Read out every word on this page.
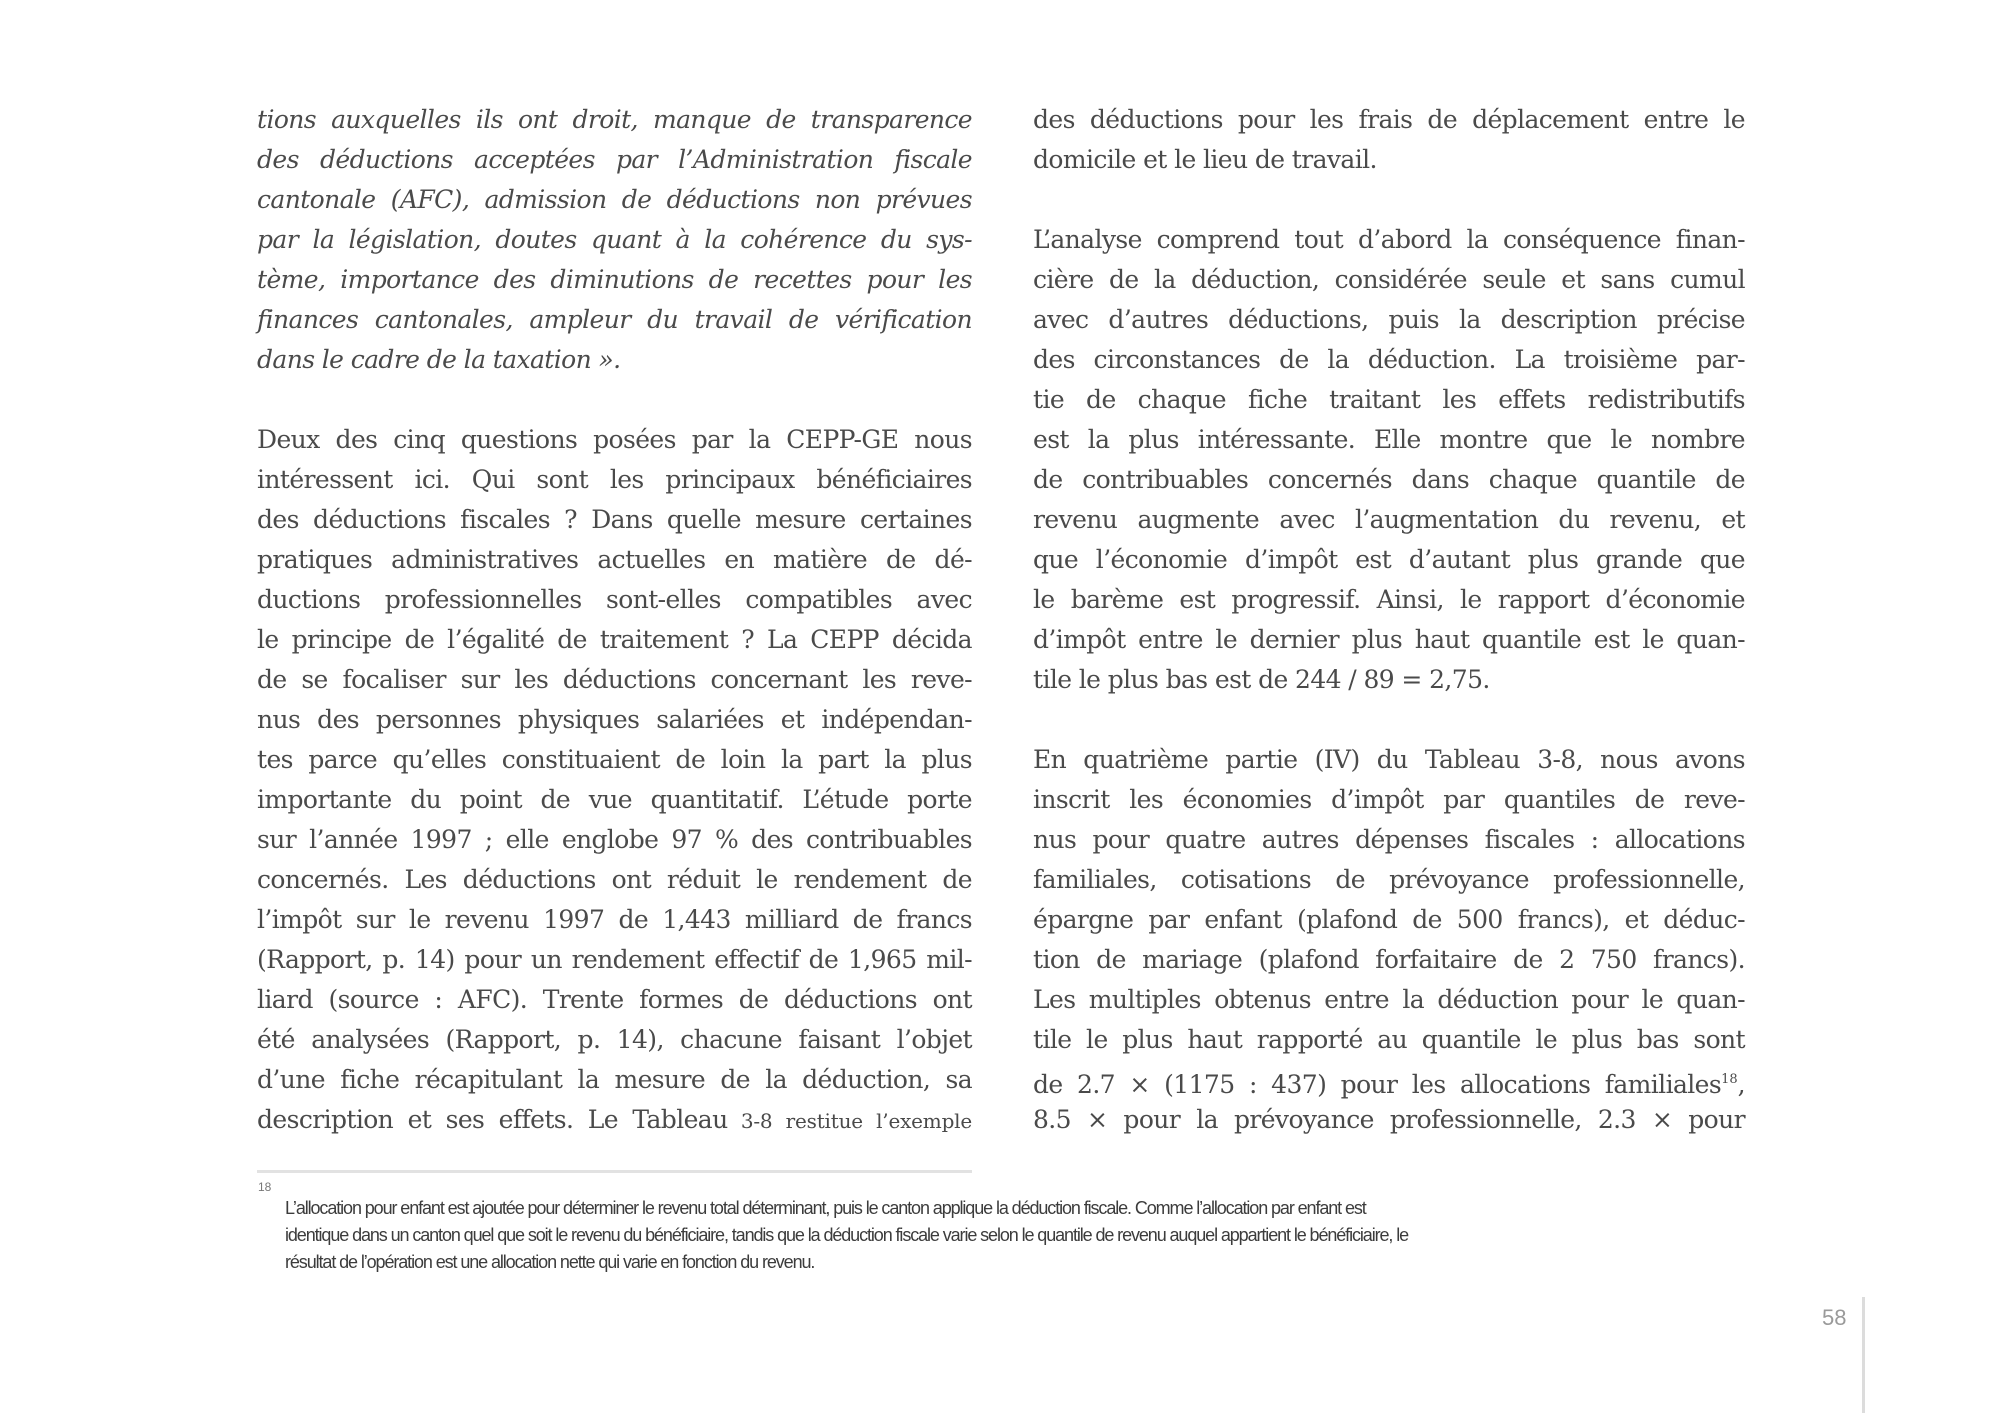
tions auxquelles ils ont droit, manque de transparence
des déductions acceptées par l’Administration fiscale
cantonale (AFC), admission de déductions non prévues
par la législation, doutes quant à la cohérence du sys-
tème, importance des diminutions de recettes pour les
finances cantonales, ampleur du travail de vérification
dans le cadre de la taxation ».
Deux des cinq questions posées par la CEPP-GE nous
intéressent ici. Qui sont les principaux bénéficiaires
des déductions fiscales ? Dans quelle mesure certaines
pratiques administratives actuelles en matière de dé-
ductions professionnelles sont-elles compatibles avec
le principe de l’égalité de traitement ? La CEPP décida
de se focaliser sur les déductions concernant les reve-
nus des personnes physiques salariées et indépendan-
tes parce qu’elles constituaient de loin la part la plus
importante du point de vue quantitatif. L’étude porte
sur l’année 1997 ; elle englobe 97 % des contribuables
concernés. Les déductions ont réduit le rendement de
l’impôt sur le revenu 1997 de 1,443 milliard de francs
(Rapport, p. 14) pour un rendement effectif de 1,965 mil-
liard (source : AFC). Trente formes de déductions ont
été analysées (Rapport, p. 14), chacune faisant l’objet
d’une fiche récapitulant la mesure de la déduction, sa
description et ses effets. Le Tableau 3-8 restitue l’exemple
des déductions pour les frais de déplacement entre le
domicile et le lieu de travail.
L’analyse comprend tout d’abord la conséquence finan-
cière de la déduction, considérée seule et sans cumul
avec d’autres déductions, puis la description précise
des circonstances de la déduction. La troisième par-
tie de chaque fiche traitant les effets redistributifs
est la plus intéressante. Elle montre que le nombre
de contribuables concernés dans chaque quantile de
revenu augmente avec l’augmentation du revenu, et
que l’économie d’impôt est d’autant plus grande que
le barème est progressif. Ainsi, le rapport d’économie
d’impôt entre le dernier plus haut quantile est le quan-
tile le plus bas est de 244 / 89 = 2,75.
En quatrième partie (IV) du Tableau 3-8, nous avons
inscrit les économies d’impôt par quantiles de reve-
nus pour quatre autres dépenses fiscales : allocations
familiales, cotisations de prévoyance professionnelle,
épargne par enfant (plafond de 500 francs), et déduc-
tion de mariage (plafond forfaitaire de 2 750 francs).
Les multiples obtenus entre la déduction pour le quan-
tile le plus haut rapporté au quantile le plus bas sont
de 2.7 × (1175 : 437) pour les allocations familiales$^{18}$,
8.5 × pour la prévoyance professionnelle, 2.3 × pour
18
L’allocation pour enfant est ajoutée pour déterminer le revenu total déterminant, puis le canton applique la déduction fiscale. Comme l’allocation par enfant est
identique dans un canton quel que soit le revenu du bénéficiaire, tandis que la déduction fiscale varie selon le quantile de revenu auquel appartient le bénéficiaire, le
résultat de l’opération est une allocation nette qui varie en fonction du revenu.
58
